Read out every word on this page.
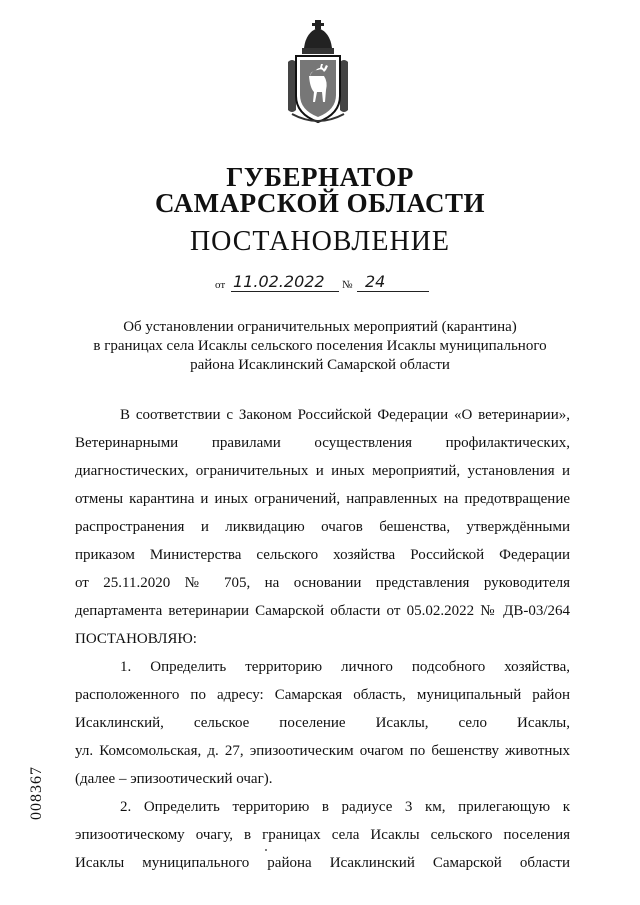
ГУБЕРНАТОР
САМАРСКОЙ ОБЛАСТИ
ПОСТАНОВЛЕНИЕ
от 11.02.2022 № 24
Об установлении ограничительных мероприятий (карантина)
в границах села Исаклы сельского поселения Исаклы муниципального
района Исаклинский Самарской области
В соответствии с Законом Российской Федерации «О ветеринарии»,
Ветеринарными правилами осуществления профилактических,
диагностических, ограничительных и иных мероприятий, установления и
отмены карантина и иных ограничений, направленных на предотвращение
распространения и ликвидацию очагов бешенства, утверждёнными
приказом Министерства сельского хозяйства Российской Федерации
от 25.11.2020 № 705, на основании представления руководителя
департамента ветеринарии Самарской области от 05.02.2022 № ДВ-03/264
ПОСТАНОВЛЯЮ:
1. Определить территорию личного подсобного хозяйства,
расположенного по адресу: Самарская область, муниципальный район
Исаклинский, сельское поселение Исаклы, село Исаклы,
ул. Комсомольская, д. 27, эпизоотическим очагом по бешенству животных
(далее – эпизоотический очаг).
2. Определить территорию в радиусе 3 км, прилегающую к
эпизоотическому очагу, в границах села Исаклы сельского поселения
Исаклы муниципального района Исаклинский Самарской области
008367
